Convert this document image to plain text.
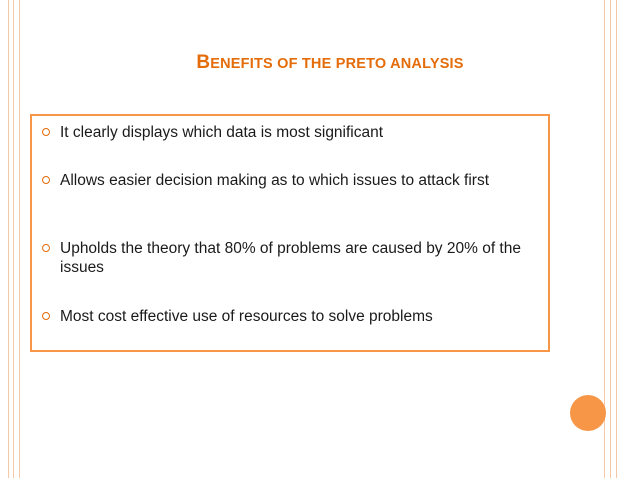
BENEFITS OF THE PRETO ANALYSIS
⭘ It clearly displays which data is most significant
⭘ Allows easier decision making as to which issues to attack first
⭘ Upholds the theory that 80% of problems are caused by 20% of the issues
⭘ Most cost effective use of resources to solve problems
